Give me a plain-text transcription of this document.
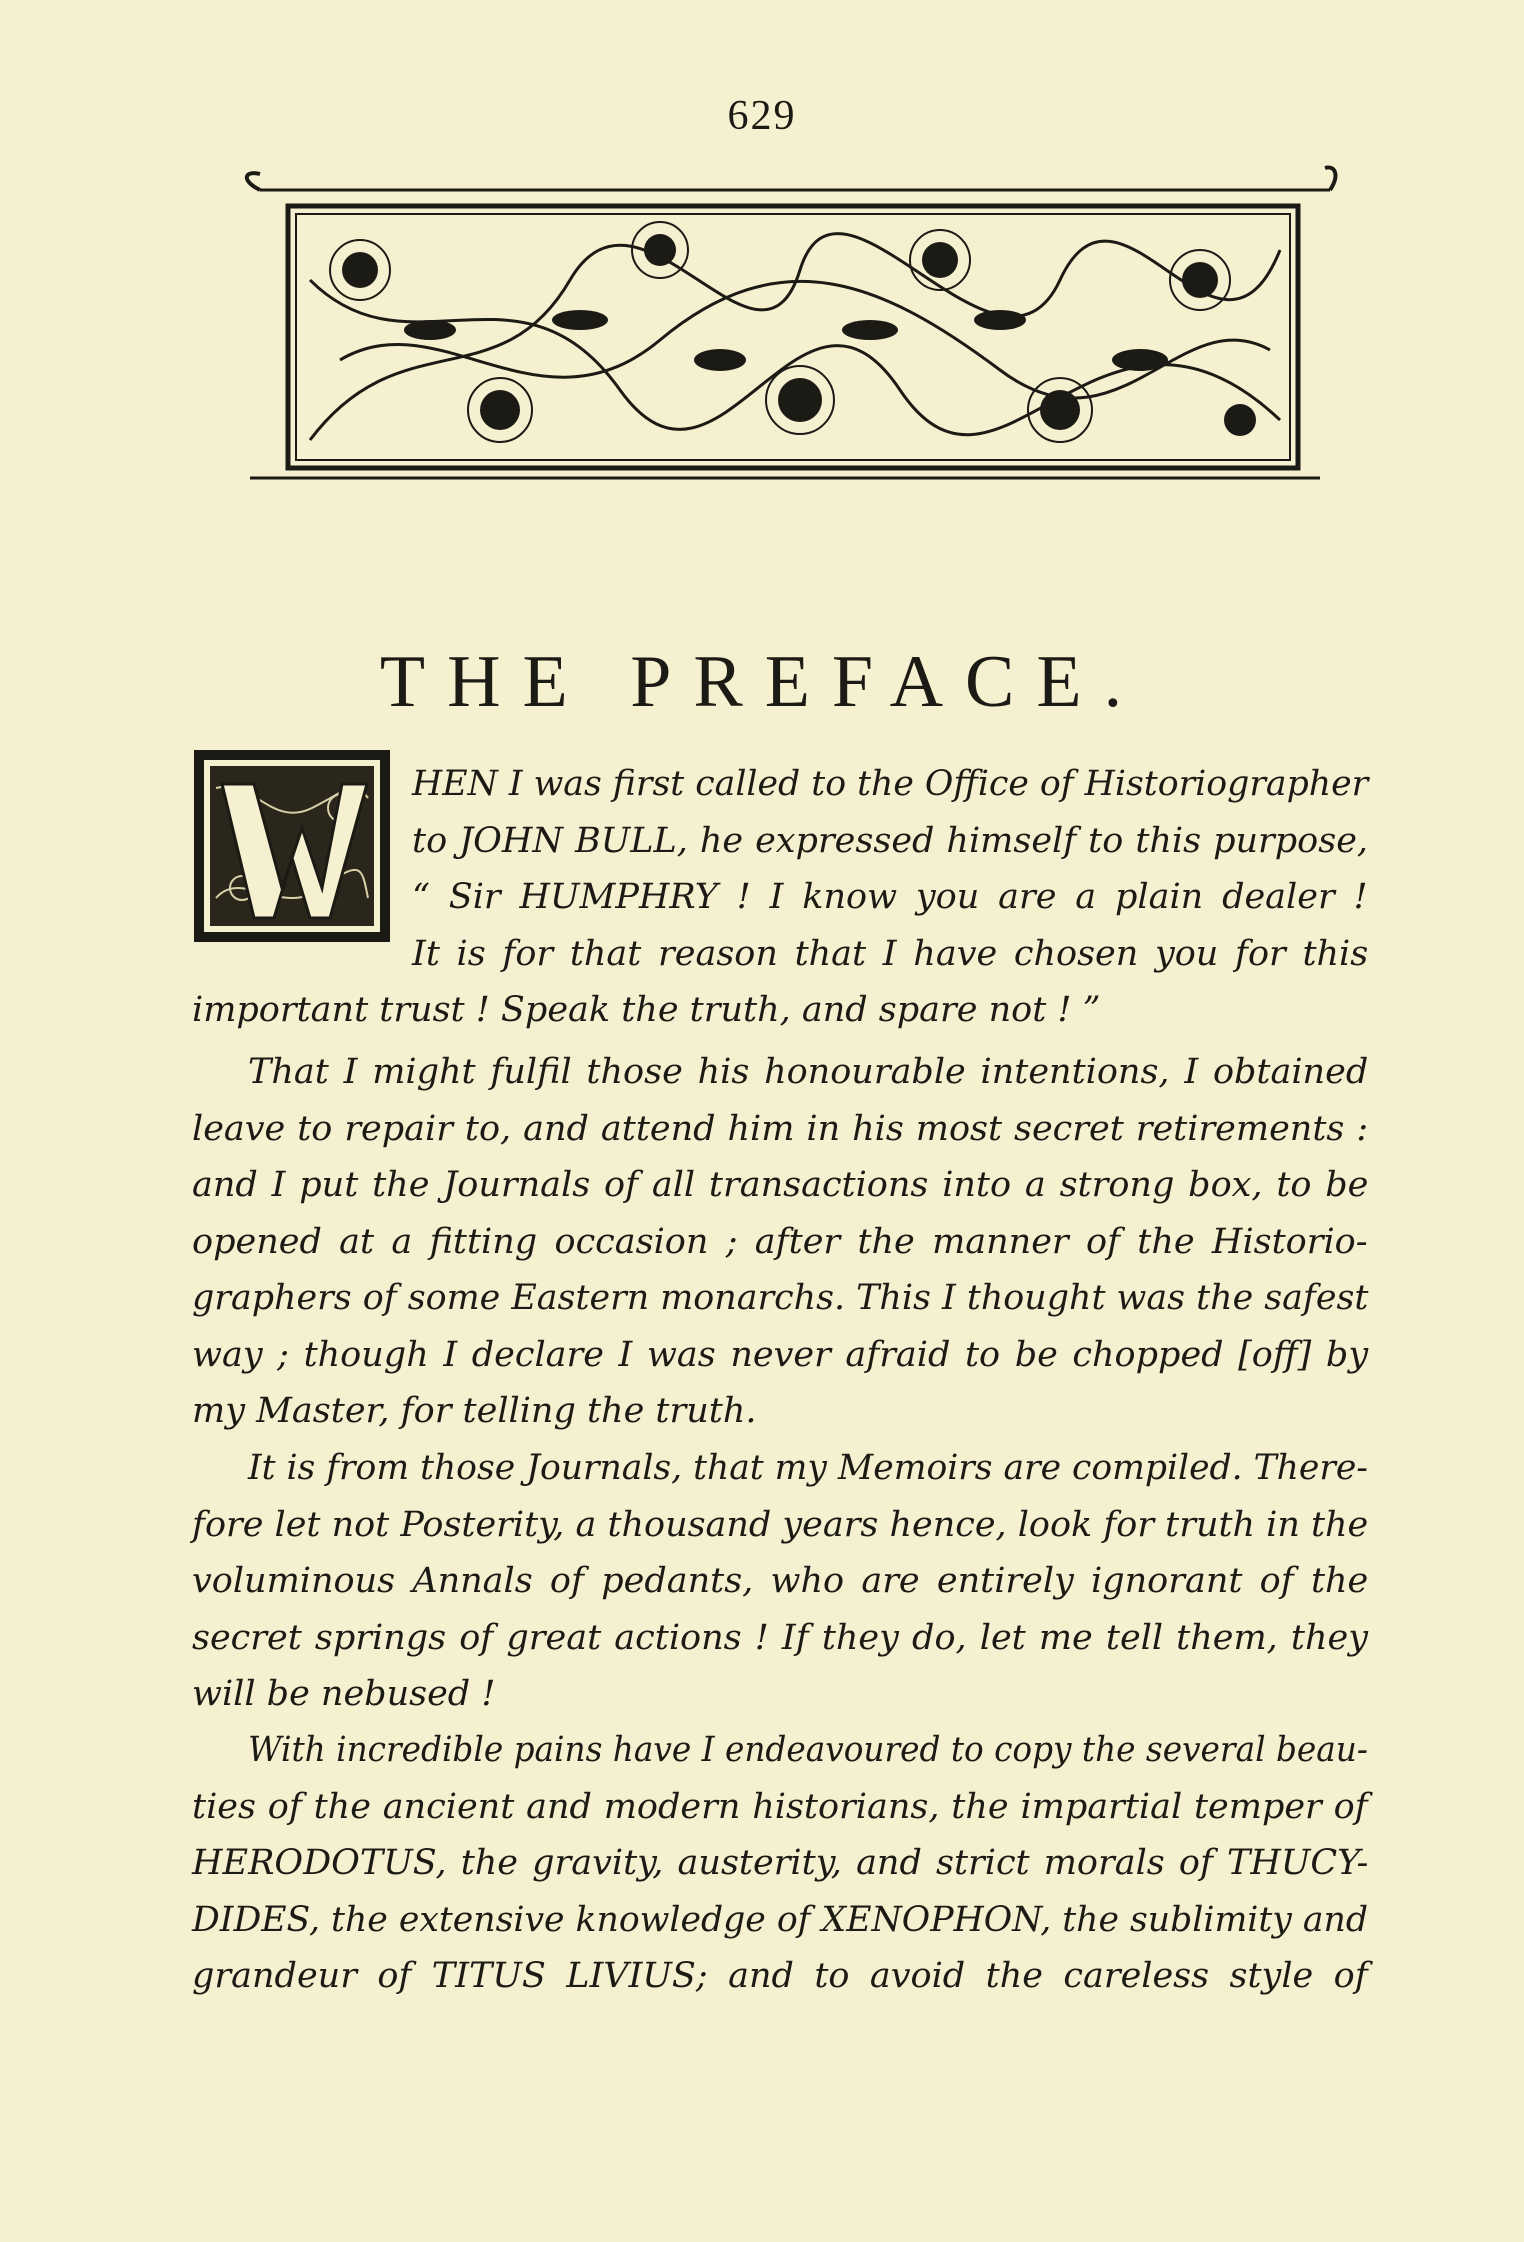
629
THE PREFACE.
HEN I was first called to the Office of Historiographer
to JOHN BULL, he expressed himself to this purpose,
“ Sir HUMPHRY ! I know you are a plain dealer !
It is for that reason that I have chosen you for this
important trust ! Speak the truth, and spare not ! ”
That I might fulfil those his honourable intentions, I obtained
leave to repair to, and attend him in his most secret retirements :
and I put the Journals of all transactions into a strong box, to be
opened at a fitting occasion ; after the manner of the Historio-
graphers of some Eastern monarchs. This I thought was the safest
way ; though I declare I was never afraid to be chopped [off] by
my Master, for telling the truth.
It is from those Journals, that my Memoirs are compiled. There-
fore let not Posterity, a thousand years hence, look for truth in the
voluminous Annals of pedants, who are entirely ignorant of the
secret springs of great actions ! If they do, let me tell them, they
will be nebused !
With incredible pains have I endeavoured to copy the several beau-
ties of the ancient and modern historians, the impartial temper of
HERODOTUS, the gravity, austerity, and strict morals of THUCY-
DIDES, the extensive knowledge of XENOPHON, the sublimity and
grandeur of TITUS LIVIUS; and to avoid the careless style of
